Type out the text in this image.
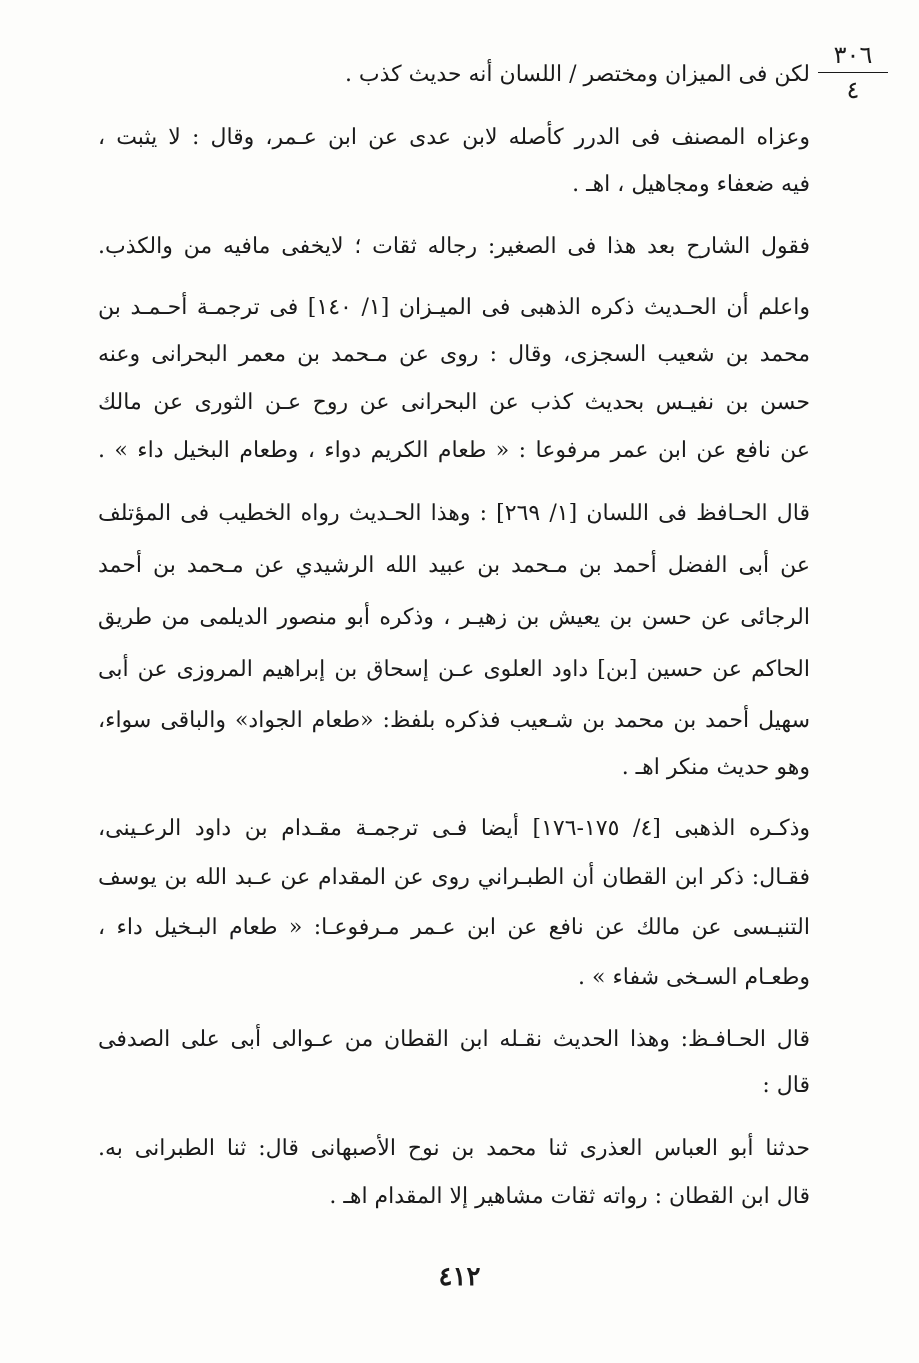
٣٠٦
٤
لكن فى الميزان ومختصر / اللسان أنه حديث كذب .
وعزاه المصنف فى الدرر كأصله لابن عدى عن ابن عـمر، وقال : لا يثبت ،
فيه ضعفاء ومجاهيل ، اهـ .
فقول الشارح بعد هذا فى الصغير: رجاله ثقات ؛ لايخفى مافيه من والكذب.
واعلم أن الحـديث ذكره الذهبى فى الميـزان [١/ ١٤٠] فى ترجمـة أحـمـد بن
محمد بن شعيب السجزى، وقال : روى عن مـحمد بن معمر البحرانى وعنه
حسن بن نفيـس بحديث كذب عن البحرانى عن روح عـن الثورى عن مالك
عن نافع عن ابن عمر مرفوعا : « طعام الكريم دواء ، وطعام البخيل داء » .
قال الحـافظ فى اللسان [١/ ٢٦٩] : وهذا الحـديث رواه الخطيب فى المؤتلف
عن أبى الفضل أحمد بن مـحمد بن عبيد الله الرشيدي عن مـحمد بن أحمد
الرجائى عن حسن بن يعيش بن زهيـر ، وذكره أبو منصور الديلمى من طريق
الحاكم عن حسين [بن] داود العلوى عـن إسحاق بن إبراهيم المروزى عن أبى
سهيل أحمد بن محمد بن شـعيب فذكره بلفظ: «طعام الجواد» والباقى سواء،
وهو حديث منكر اهـ .
وذكـره الذهبى [٤/ ١٧٥-١٧٦] أيضا فـى ترجمـة مقـدام بن داود الرعـينى،
فقـال: ذكر ابن القطان أن الطبـراني روى عن المقدام عن عـبد الله بن يوسف
التنيـسى عن مالك عن نافع عن ابن عـمر مـرفوعـا: « طعام البـخيل داء ،
وطعـام السـخى شفاء » .
قال الحـافـظ: وهذا الحديث نقـله ابن القطان من عـوالى أبى على الصدفى
قال :
حدثنا أبو العباس العذرى ثنا محمد بن نوح الأصبهانى قال: ثنا الطبرانى به.
قال ابن القطان : رواته ثقات مشاهير إلا المقدام اهـ .
٤١٢
